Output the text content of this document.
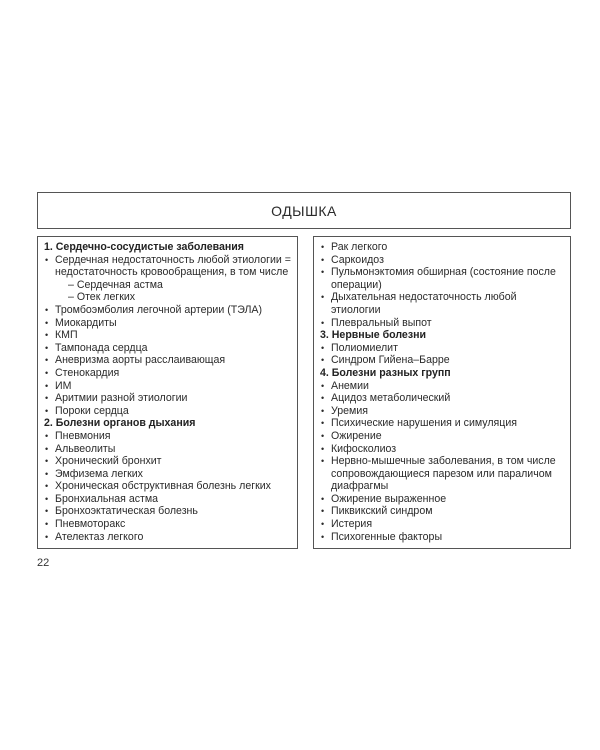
ОДЫШКА
1. Сердечно-сосудистые заболевания
• Сердечная недостаточность любой этиологии =
недостаточность кровообращения, в том числе
– Сердечная астма
– Отек легких
• Тромбоэмболия легочной артерии (ТЭЛА)
• Миокардиты
• КМП
• Тампонада сердца
• Аневризма аорты расслаивающая
• Стенокардия
• ИМ
• Аритмии разной этиологии
• Пороки сердца
2. Болезни органов дыхания
• Пневмония
• Альвеолиты
• Хронический бронхит
• Эмфизема легких
• Хроническая обструктивная болезнь легких
• Бронхиальная астма
• Бронхоэктатическая болезнь
• Пневмоторакс
• Ателектаз легкого
• Рак легкого
• Саркоидоз
• Пульмонэктомия обширная (состояние после
операции)
• Дыхательная недостаточность любой этиологии
• Плевральный выпот
3. Нервные болезни
• Полиомиелит
• Синдром Гийена–Барре
4. Болезни разных групп
• Анемии
• Ацидоз метаболический
• Уремия
• Психические нарушения и симуляция
• Ожирение
• Кифосколиоз
• Нервно-мышечные заболевания, в том числе
сопровождающиеся парезом или параличом
диафрагмы
• Ожирение выраженное
• Пиквикский синдром
• Истерия
• Психогенные факторы
22
